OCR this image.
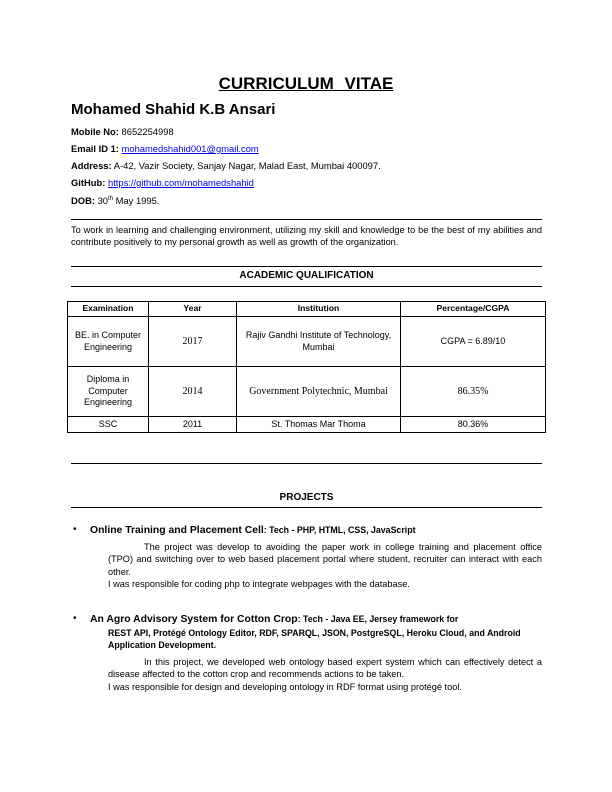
CURRICULUM VITAE
Mohamed Shahid K.B Ansari
Mobile No: 8652254998
Email ID 1: mohamedshahid001@gmail.com
Address: A-42, Vazir Society, Sanjay Nagar, Malad East, Mumbai 400097.
GitHub: https://github.com/mohamedshahid
DOB: 30th May 1995.
To work in learning and challenging environment, utilizing my skill and knowledge to be the best of my abilities and contribute positively to my personal growth as well as growth of the organization.
ACADEMIC QUALIFICATION
Examination	Year	Institution	Percentage/CGPA
BE. in Computer Engineering	2017	Rajiv Gandhi Institute of Technology, Mumbai	CGPA = 6.89/10
Diploma in Computer Engineering	2014	Government Polytechnic, Mumbai	86.35%
SSC	2011	St. Thomas Mar Thoma	80.36%
PROJECTS
• Online Training and Placement Cell: Tech - PHP, HTML, CSS, JavaScript
The project was develop to avoiding the paper work in college training and placement office (TPO) and switching over to web based placement portal where student, recruiter can interact with each other.
I was responsible for coding php to integrate webpages with the database.
• An Agro Advisory System for Cotton Crop: Tech - Java EE, Jersey framework for
REST API, Protégé Ontology Editor, RDF, SPARQL, JSON, PostgreSQL, Heroku Cloud, and Android Application Development.
In this project, we developed web ontology based expert system which can effectively detect a disease affected to the cotton crop and recommends actions to be taken.
I was responsible for design and developing ontology in RDF format using protégé tool.
